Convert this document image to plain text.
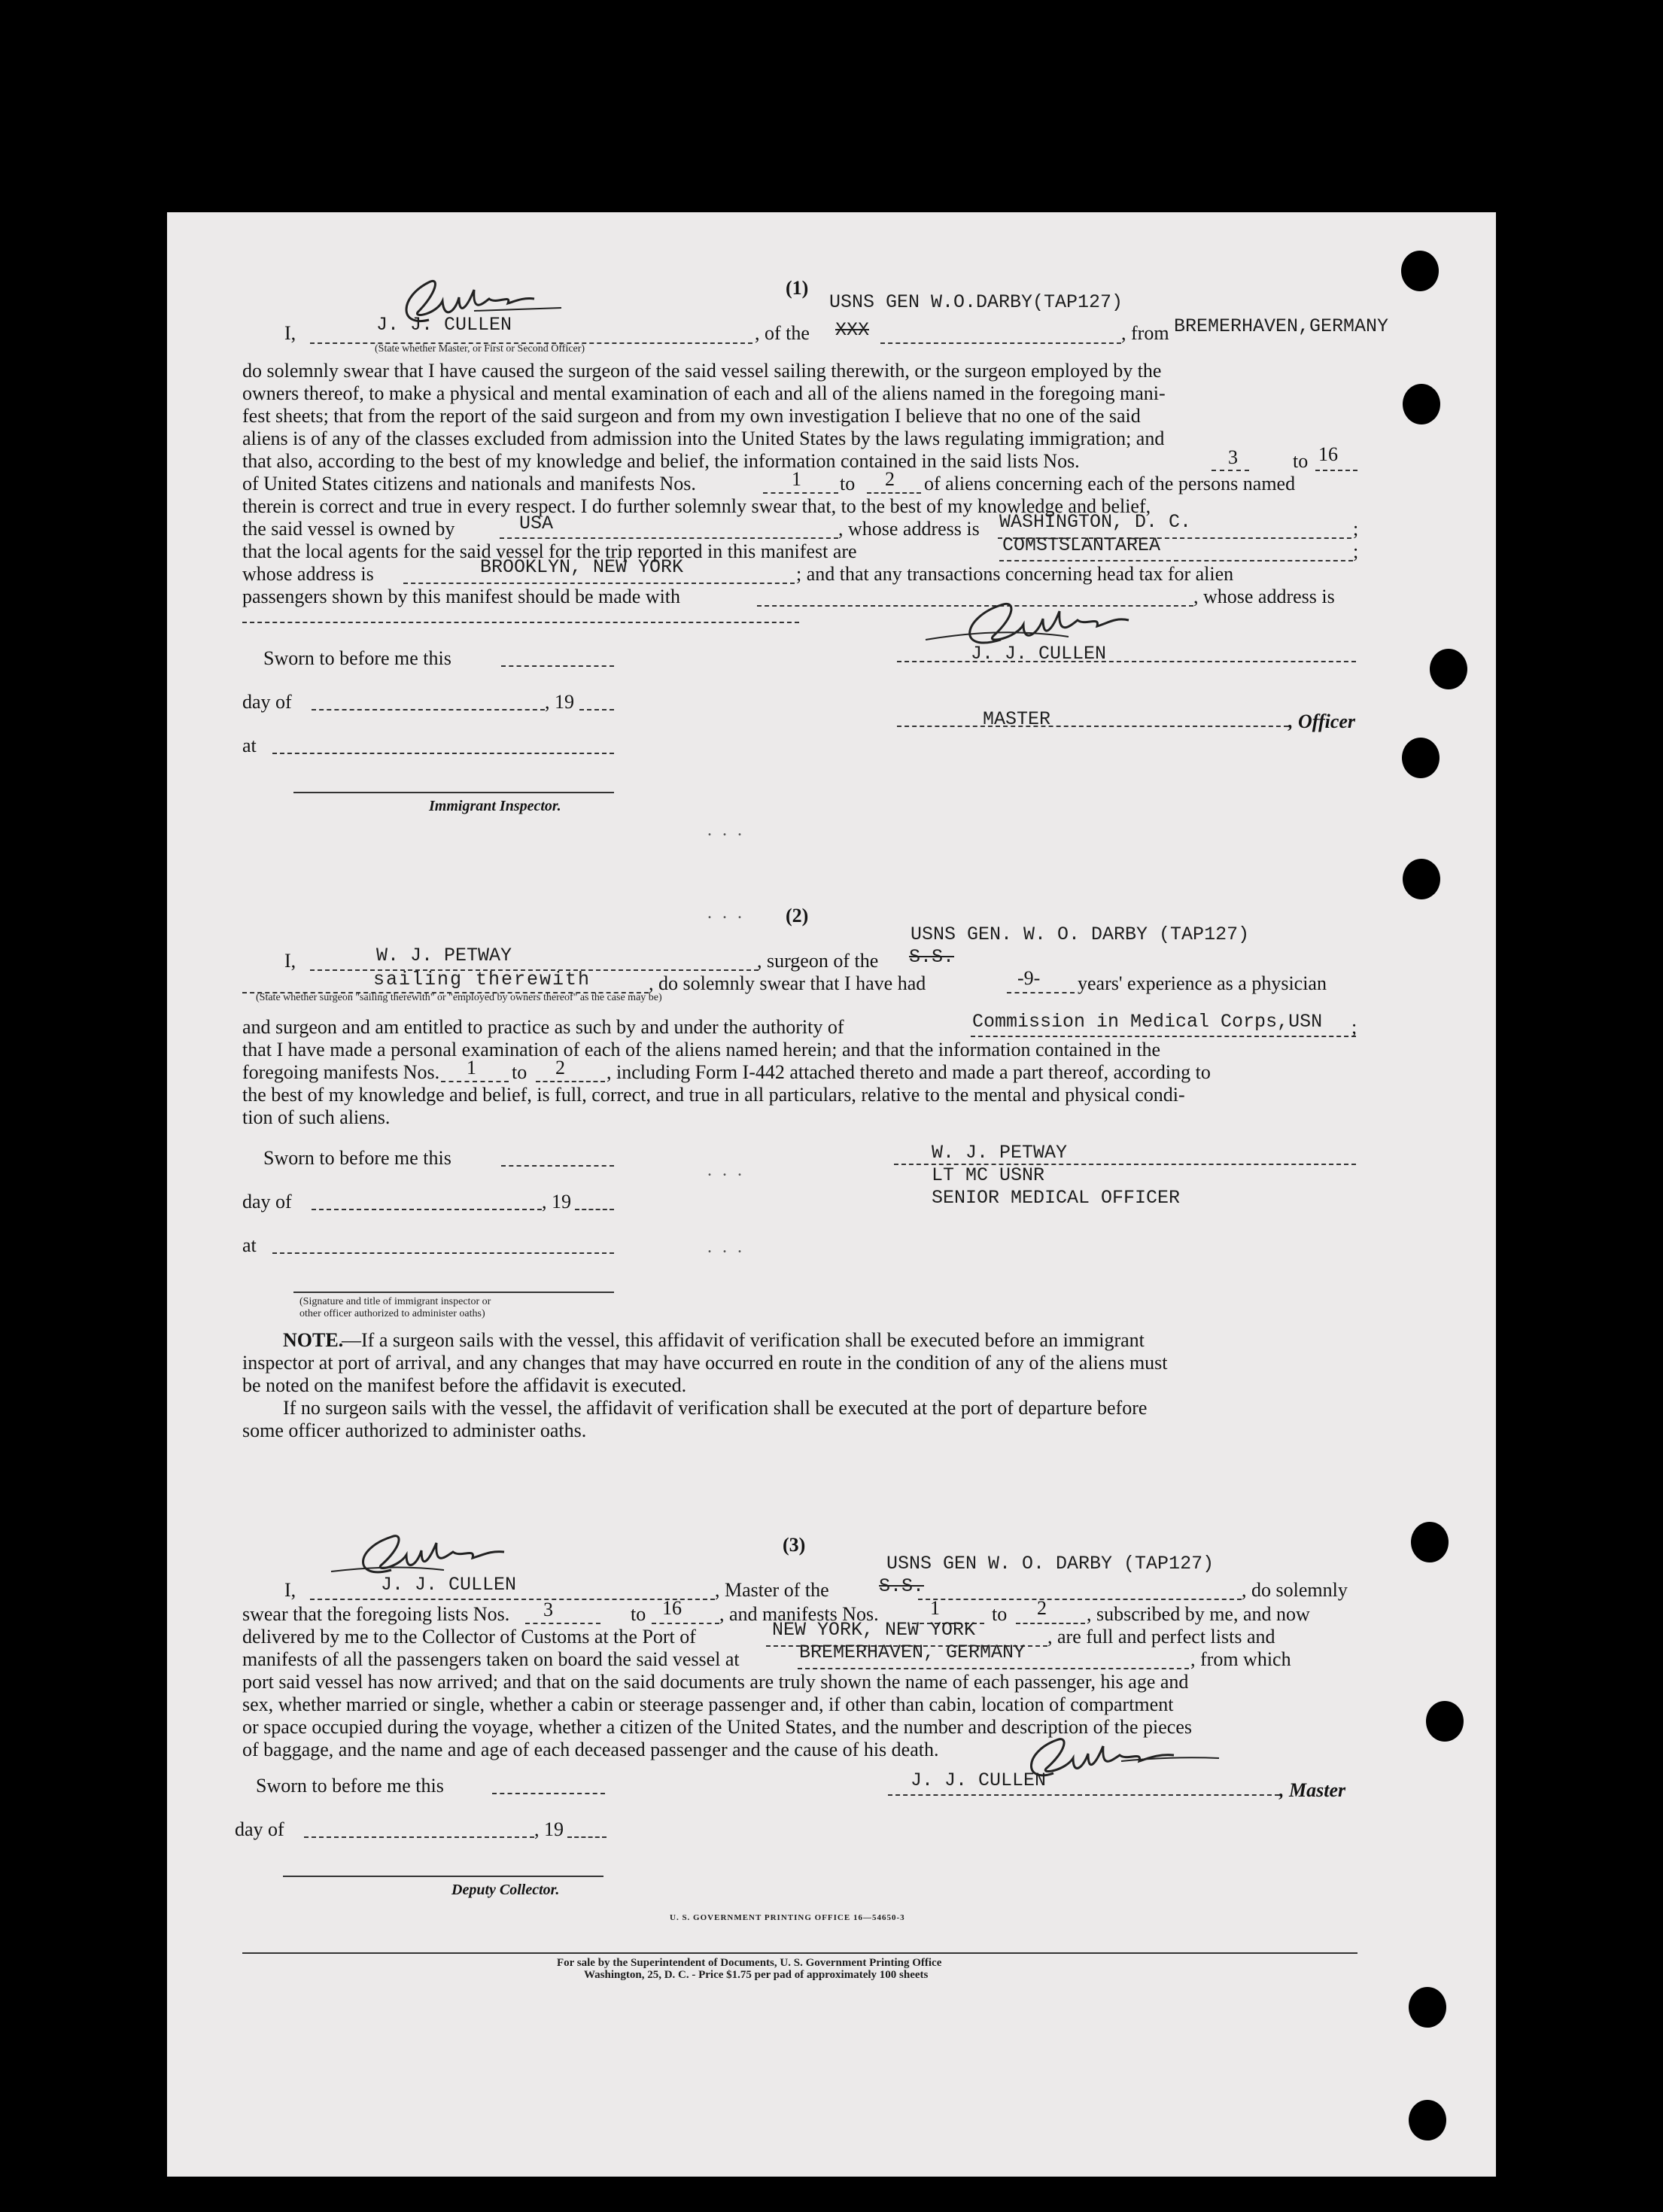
(1)
USNS GEN W.O.DARBY(TAP127)
I,	J. J. CULLEN
(State whether Master, or First or Second Officer)
, of the XXX	, from BREMERHAVEN,GERMANY
do solemnly swear that I have caused the surgeon of the said vessel sailing therewith, or the surgeon employed by the
owners thereof, to make a physical and mental examination of each and all of the aliens named in the foregoing mani-
fest sheets; that from the report of the said surgeon and from my own investigation I believe that no one of the said
aliens is of any of the classes excluded from admission into the United States by the laws regulating immigration; and
that also, according to the best of my knowledge and belief, the information contained in the said lists Nos.	3	to 16
of United States citizens and nationals and manifests Nos.	1 to 2 of aliens concerning each of the persons named
therein is correct and true in every respect. I do further solemnly swear that, to the best of my knowledge and belief,
the said vessel is owned by	USA	, whose address is WASHINGTON, D. C.	;
that the local agents for the said vessel for the trip reported in this manifest are	COMSTSLANTAREA	;
whose address is	BROOKLYN, NEW YORK	; and that any transactions concerning head tax for alien
passengers shown by this manifest should be made with	, whose address is
Sworn to before me this
day of	, 19
at
Immigrant Inspector.
J. J. CULLEN
MASTER	, Officer
...
... (2)
USNS GEN. W. O. DARBY (TAP127)
I,	W. J. PETWAY	, surgeon of the S.S.
sailing therewith	, do solemnly swear that I have had	-9- years' experience as a physician
(State whether surgeon "sailing therewith" or "employed by owners thereof" as the case may be)
and surgeon and am entitled to practice as such by and under the authority of	Commission in Medical Corps,USN ;
that I have made a personal examination of each of the aliens named herein; and that the information contained in the
foregoing manifests Nos. 1 to 2 , including Form I-442 attached thereto and made a part thereof, according to
the best of my knowledge and belief, is full, correct, and true in all particulars, relative to the mental and physical condi-
tion of such aliens.
Sworn to before me this
day of	, 19
at
(Signature and title of immigrant inspector or
other officer authorized to administer oaths)
W. J. PETWAY
LT MC USNR
SENIOR MEDICAL OFFICER
...
...
NOTE.
—If a surgeon sails with the vessel, this affidavit of verification shall be executed before an immigrant
inspector at port of arrival, and any changes that may have occurred en route in the condition of any of the aliens must
be noted on the manifest before the affidavit is executed.
If no surgeon sails with the vessel, the affidavit of verification shall be executed at the port of departure before
some officer authorized to administer oaths.
(3)
USNS GEN W. O. DARBY (TAP127)
I,	J. J. CULLEN	, Master of the	S.S.	, do solemnly
swear that the foregoing lists Nos. 3	to 16 , and manifests Nos.	1	to 2 , subscribed by me, and now
delivered by me to the Collector of Customs at the Port of	NEW YORK, NEW YORK	, are full and perfect lists and
manifests of all the passengers taken on board the said vessel at	BREMERHAVEN, GERMANY	, from which
port said vessel has now arrived; and that on the said documents are truly shown the name of each passenger, his age and
sex, whether married or single, whether a cabin or steerage passenger and, if other than cabin, location of compartment
or space occupied during the voyage, whether a citizen of the United States, and the number and description of the pieces
of baggage, and the name and age of each deceased passenger and the cause of his death.
Sworn to before me this
day of	, 19
Deputy Collector.
J. J. CULLEN	, Master
U. S. GOVERNMENT PRINTING OFFICE 16—54650-3
For sale by the Superintendent of Documents, U. S. Government Printing Office
Washington, 25, D. C. - Price $1.75 per pad of approximately 100 sheets
